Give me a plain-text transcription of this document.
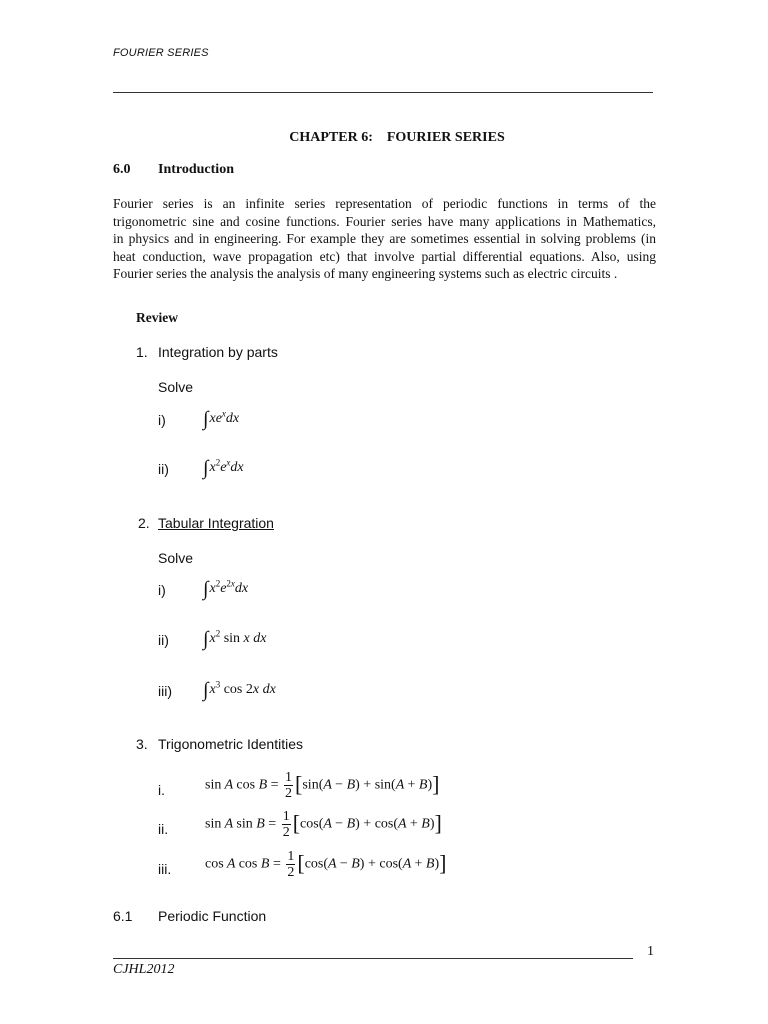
FOURIER SERIES
CHAPTER 6:    FOURIER SERIES
6.0 Introduction
Fourier series is an infinite series representation of periodic functions in terms of the
trigonometric sine and cosine functions. Fourier series have many applications in Mathematics,
in physics and in engineering. For example they are sometimes essential in solving problems (in
heat conduction, wave propagation etc) that involve partial differential equations. Also, using
Fourier series the analysis the analysis of many engineering systems such as electric circuits .
Review
1. Integration by parts
Solve
i) $\int xe^xdx$
ii) $\int x^2e^xdx$
2. Tabular Integration
Solve
i) $\int x^2e^{2x}dx$
ii) $\int x^2$ sin x dx
iii) $\int x^3$ cos 2x dx
3. Trigonometric Identities
i.	sin A $\cos B = \frac{1}{2} [\sin(A - B) + \sin(A + B)]$
ii.	sin A $\sin B = \frac{1}{2} [\cos(A - B) + \cos(A + B)]$
iii. cos A $\cos B = \frac{1}{2} [\cos(A - B) + \cos(A + B)]$
6.1 Periodic Function
1
CJHL2012
